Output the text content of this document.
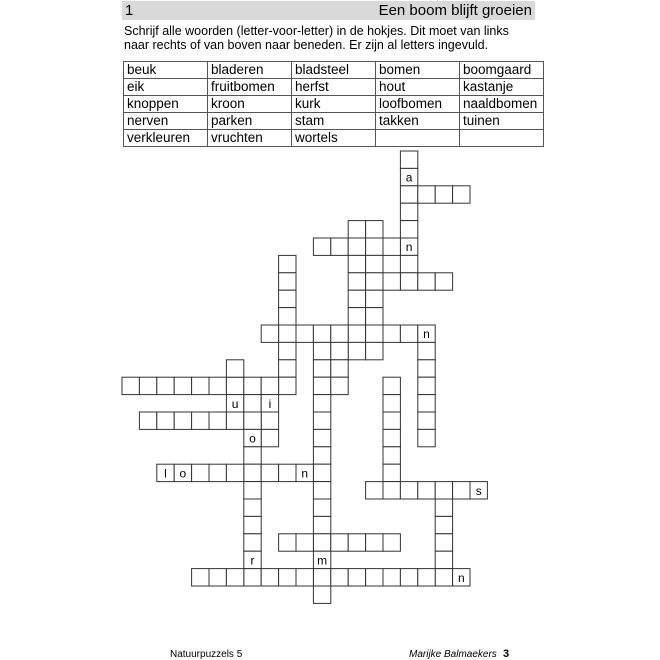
1	Een boom blijft groeien
Schrijf alle woorden (letter-voor-letter) in de hokjes. Dit moet van links
naar rechts of van boven naar beneden. Er zijn al letters ingevuld.
beuk	bladeren	bladsteel	bomen	boomgaard
eik	fruitbomen	herfst	hout	kastanje
knoppen	kroon	kurk	loofbomen	naaldbomen
nerven	parken	stam	takken	tuinen
verkleuren	vruchten	wortels		
a
n
n
m
u	i
o
r
l o	n
s
n
Natuurpuzzels 5	Marijke Balmaekers 3
